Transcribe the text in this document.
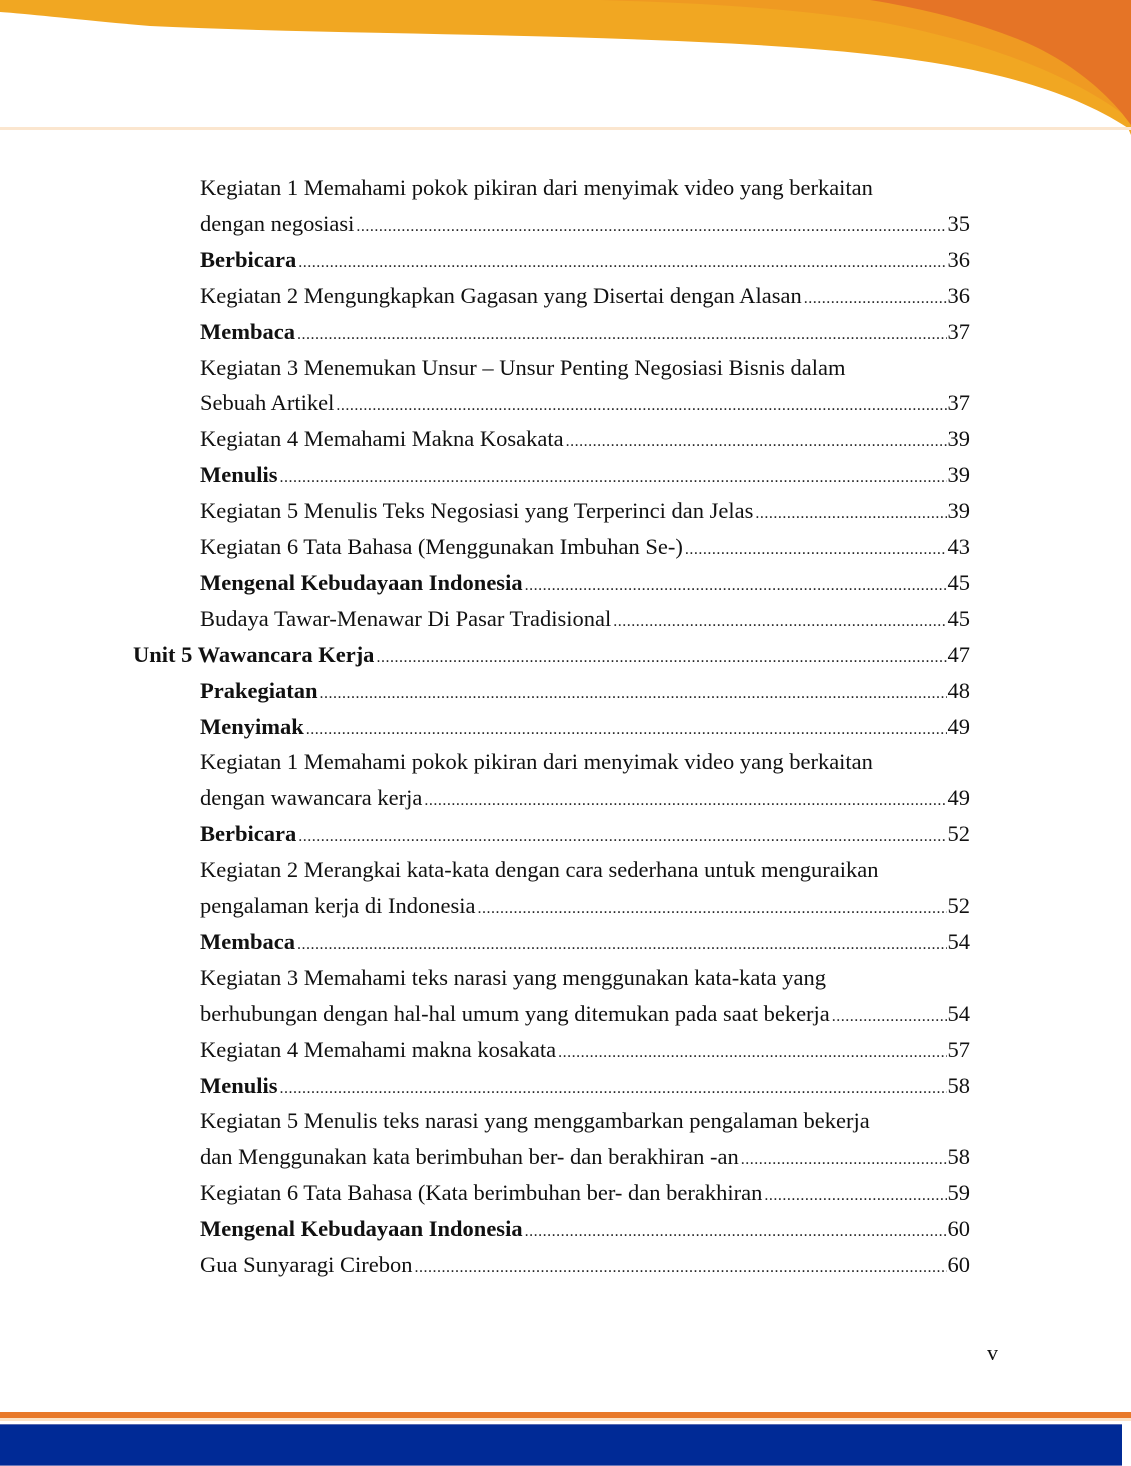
Kegiatan 1 Memahami pokok pikiran dari menyimak video yang berkaitan
dengan negosiasi .....	35
Berbicara .....	36
Kegiatan 2 Mengungkapkan Gagasan yang Disertai dengan Alasan .....	36
Membaca .....	37
Kegiatan 3 Menemukan Unsur – Unsur Penting Negosiasi Bisnis dalam
Sebuah Artikel .....	37
Kegiatan 4 Memahami Makna Kosakata .....	39
Menulis .....	39
Kegiatan 5 Menulis Teks Negosiasi yang Terperinci dan Jelas .....	39
Kegiatan 6 Tata Bahasa (Menggunakan Imbuhan Se-) .....	43
Mengenal Kebudayaan Indonesia .....	45
Budaya Tawar-Menawar Di Pasar Tradisional .....	45
Unit 5 Wawancara Kerja .....	47
Prakegiatan .....	48
Menyimak .....	49
Kegiatan 1 Memahami pokok pikiran dari menyimak video yang berkaitan
dengan wawancara kerja .....	49
Berbicara .....	52
Kegiatan 2 Merangkai kata-kata dengan cara sederhana untuk menguraikan
pengalaman kerja di Indonesia .....	52
Membaca .....	54
Kegiatan 3 Memahami teks narasi yang menggunakan kata-kata yang
berhubungan dengan hal-hal umum yang ditemukan pada saat bekerja .....	54
Kegiatan 4 Memahami makna kosakata .....	57
Menulis .....	58
Kegiatan 5 Menulis teks narasi yang menggambarkan pengalaman bekerja
dan Menggunakan kata berimbuhan ber- dan berakhiran -an .....	58
Kegiatan 6 Tata Bahasa (Kata berimbuhan ber- dan berakhiran .....	59
Mengenal Kebudayaan Indonesia .....	60
Gua Sunyaragi Cirebon .....	60
v
